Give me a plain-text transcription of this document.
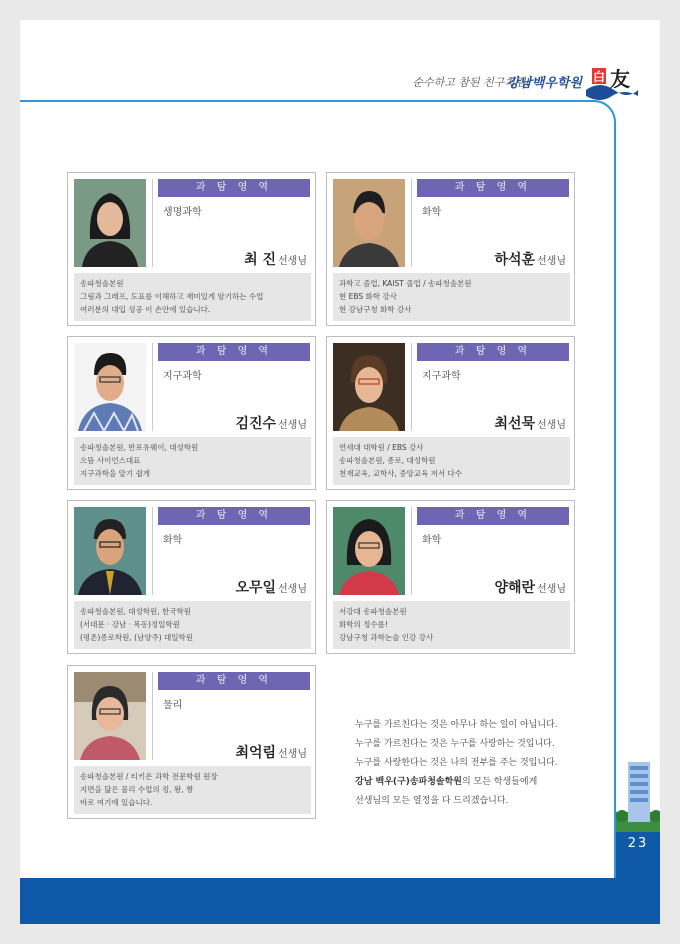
순수하고 참된 친구처럼!
강남백우학원 白 友
23
과 탐 영 역
생명과학
최 진 선생님
송파청솔본원
그림과 그래프, 도표를 이해하고 재미있게 암기하는 수업
여러분의 대입 성공 이 손안에 있습니다.
과 탐 영 역
화학
하석훈 선생님
과학고 졸업, KAIST 졸업 / 송파청솔본원
현 EBS 화학 강사
현 강남구청 화학 강사
과 탐 영 역
지구과학
김진수 선생님
송파청솔본원, 반포유웨이, 대성학원
으뜸 사이언스대표
지구과학을 알기 쉽게
과 탐 영 역
지구과학
최선묵 선생님
연세대 대학원 / EBS 강사
송파청솔본원, 종로, 대성학원
천재교육, 교학사, 중앙교육 저서 다수
과 탐 영 역
화학
오무일 선생님
송파청솔본원, 대성학원, 한국학원
(서대문 · 강남 · 목동)정일학원
(평촌)종로학원, (남양주) 대일학원
과 탐 영 역
화학
양해란 선생님
서강대 송파청솔본원
화학의 정수를!
강남구청 과학논술 인강 강사
과 탐 영 역
물리
최억림 선생님
송파청솔본원 / 티키온 과학 전문학원 원장
지면을 닮은 물리 수업의 킹, 왕, 짱
바로 여기에 있습니다.
누구를 가르친다는 것은 아무나 하는 일이 아닙니다.
누구를 가르친다는 것은 누구를 사랑하는 것입니다.
누구를 사랑한다는 것은 나의 전부를 주는 것입니다.
강남 백우(구)송파청솔학원의 모든 학생들에게
선생님의 모든 열정을 다 드리겠습니다.
